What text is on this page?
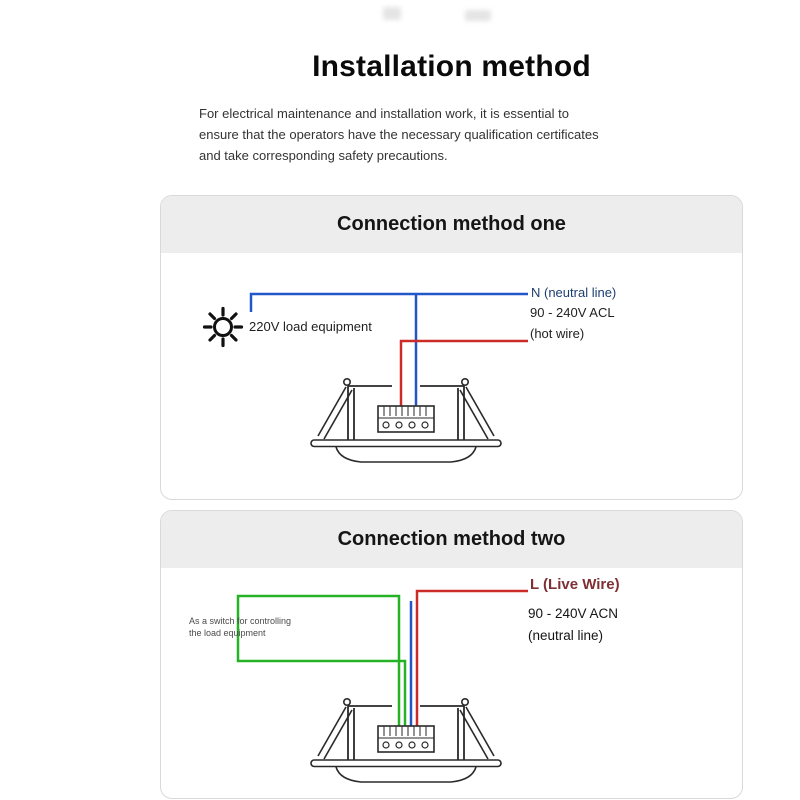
Installation method
For electrical maintenance and installation work, it is essential to
ensure that the operators have the necessary qualification certificates
and take corresponding safety precautions.
Connection method one
220V load equipment
N (neutral line)
90 - 240V ACL
(hot wire)
Connection method two
As a switch for controlling
the load equipment
L (Live Wire)
90 - 240V ACN
(neutral line)
